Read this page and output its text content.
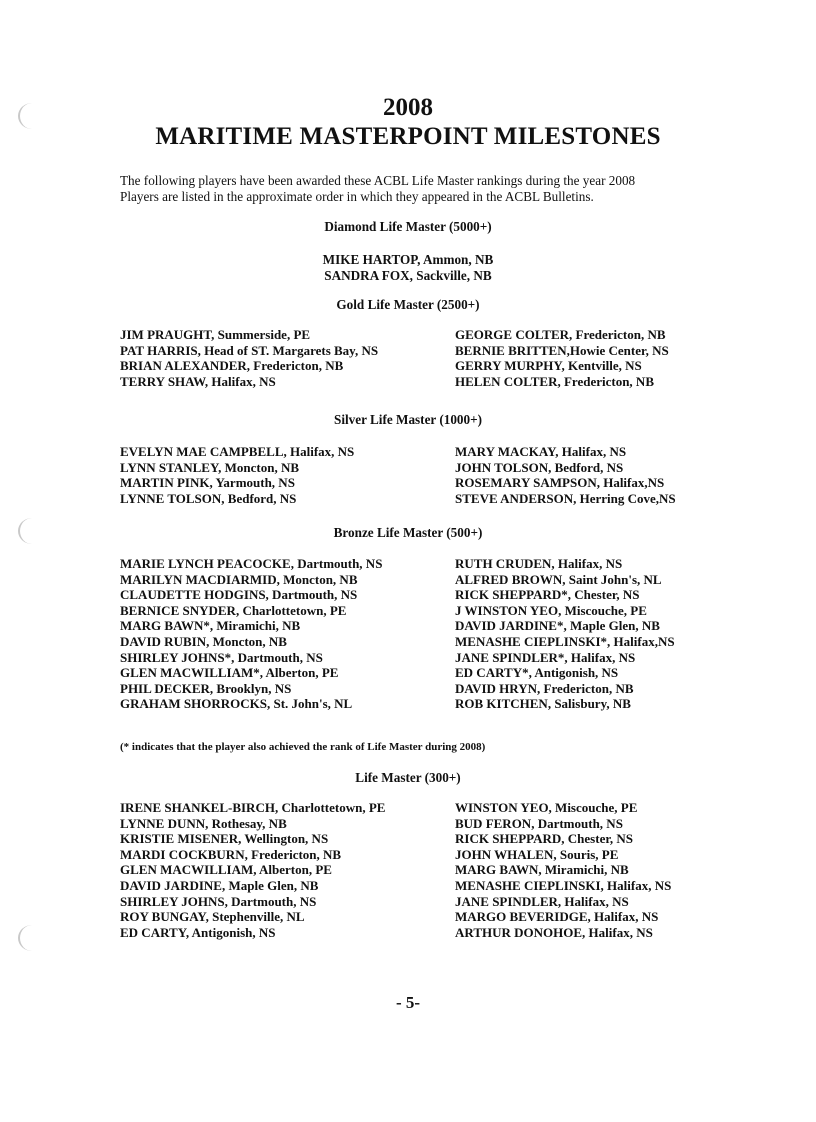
2008
MARITIME MASTERPOINT MILESTONES
The following players have been awarded these ACBL Life Master rankings during the year 2008
Players are listed in the approximate order in which they appeared in the ACBL Bulletins.
Diamond Life Master (5000+)
MIKE HARTOP, Ammon, NB
SANDRA FOX, Sackville, NB
Gold Life Master (2500+)
JIM PRAUGHT, Summerside, PE	GEORGE COLTER, Fredericton, NB
PAT HARRIS, Head of ST. Margarets Bay, NS	BERNIE BRITTEN,Howie Center, NS
BRIAN ALEXANDER, Fredericton, NB	GERRY MURPHY, Kentville, NS
TERRY SHAW, Halifax, NS	HELEN COLTER, Fredericton, NB
Silver Life Master (1000+)
EVELYN MAE CAMPBELL, Halifax, NS	MARY MACKAY, Halifax, NS
LYNN STANLEY, Moncton, NB	JOHN TOLSON, Bedford, NS
MARTIN PINK, Yarmouth, NS	ROSEMARY SAMPSON, Halifax,NS
LYNNE TOLSON, Bedford, NS	STEVE ANDERSON, Herring Cove,NS
Bronze Life Master (500+)
MARIE LYNCH PEACOCKE, Dartmouth, NS	RUTH CRUDEN, Halifax, NS
MARILYN MACDIARMID, Moncton, NB	ALFRED BROWN, Saint John's, NL
CLAUDETTE HODGINS, Dartmouth, NS	RICK SHEPPARD*, Chester, NS
BERNICE SNYDER, Charlottetown, PE	J WINSTON YEO, Miscouche, PE
MARG BAWN*, Miramichi, NB	DAVID JARDINE*, Maple Glen, NB
DAVID RUBIN, Moncton, NB	MENASHE CIEPLINSKI*, Halifax,NS
SHIRLEY JOHNS*, Dartmouth, NS	JANE SPINDLER*, Halifax, NS
GLEN MACWILLIAM*, Alberton, PE	ED CARTY*, Antigonish, NS
PHIL DECKER, Brooklyn, NS	DAVID HRYN, Fredericton, NB
GRAHAM SHORROCKS, St. John's, NL	ROB KITCHEN, Salisbury, NB
(* indicates that the player also achieved the rank of Life Master during 2008)
Life Master (300+)
IRENE SHANKEL-BIRCH, Charlottetown, PE	WINSTON YEO, Miscouche, PE
LYNNE DUNN, Rothesay, NB	BUD FERON, Dartmouth, NS
KRISTIE MISENER, Wellington, NS	RICK SHEPPARD, Chester, NS
MARDI COCKBURN, Fredericton, NB	JOHN WHALEN, Souris, PE
GLEN MACWILLIAM, Alberton, PE	MARG BAWN, Miramichi, NB
DAVID JARDINE, Maple Glen, NB	MENASHE CIEPLINSKI, Halifax, NS
SHIRLEY JOHNS, Dartmouth, NS	JANE SPINDLER, Halifax, NS
ROY BUNGAY, Stephenville, NL	MARGO BEVERIDGE, Halifax, NS
ED CARTY, Antigonish, NS	ARTHUR DONOHOE, Halifax, NS
- 5-
